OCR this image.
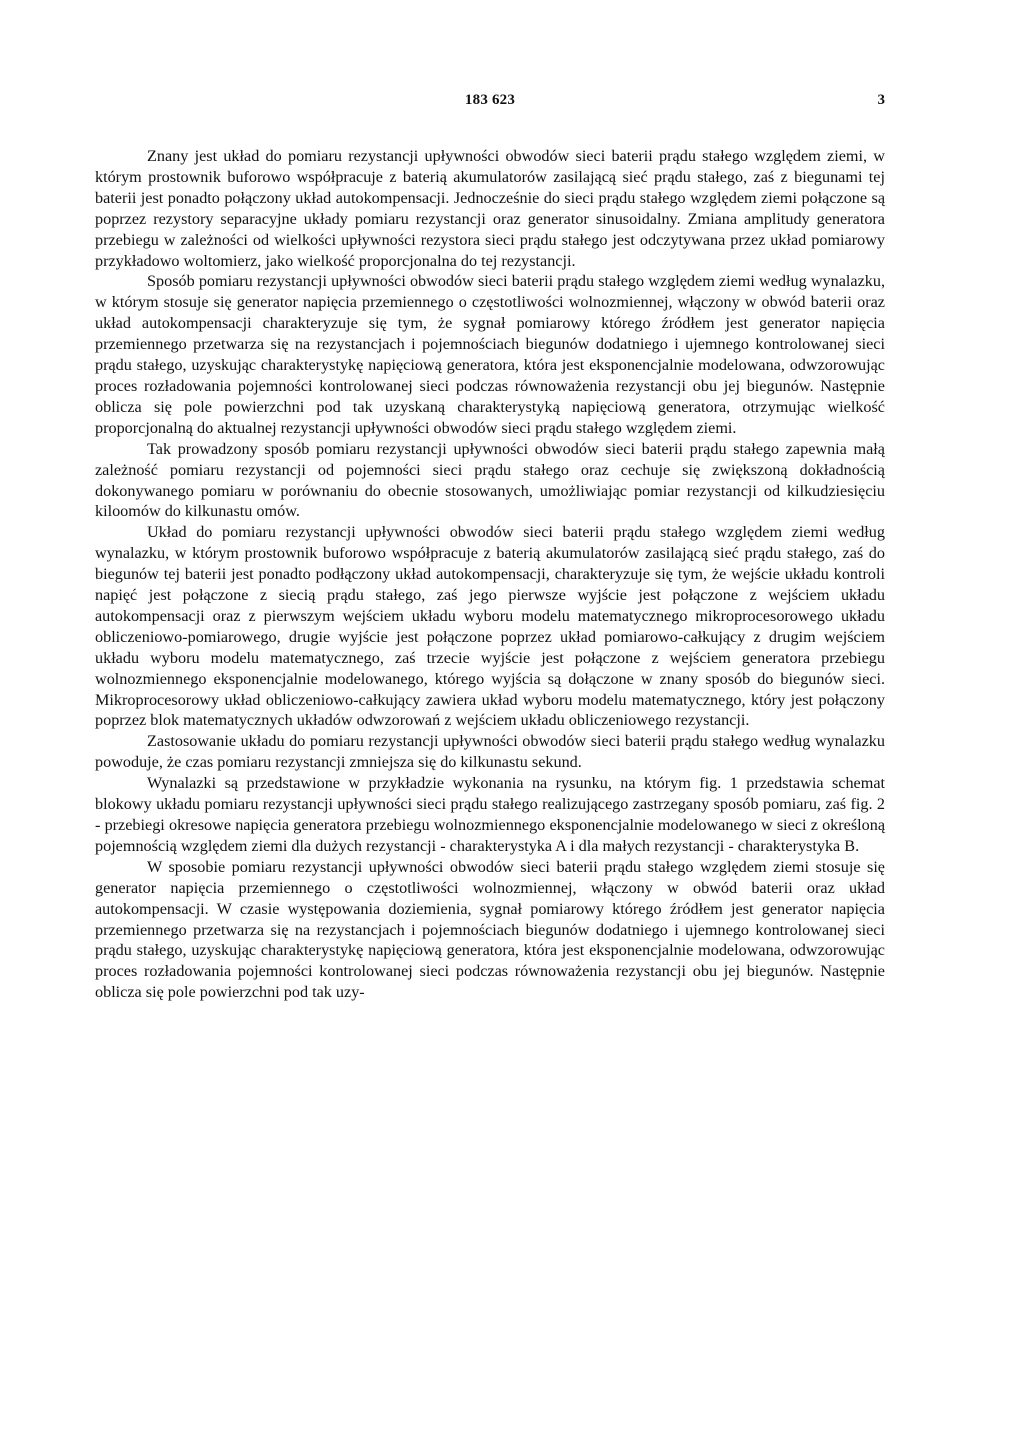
183 623	3

Znany jest układ do pomiaru rezystancji upływności obwodów sieci baterii prądu stałego względem ziemi, w którym prostownik buforowo współpracuje z baterią akumulatorów zasilającą sieć prądu stałego, zaś z biegunami tej baterii jest ponadto połączony układ autokompensacji. Jednocześnie do sieci prądu stałego względem ziemi połączone są poprzez rezystory separacyjne układy pomiaru rezystancji oraz generator sinusoidalny. Zmiana amplitudy generatora przebiegu w zależności od wielkości upływności rezystora sieci prądu stałego jest odczytywana przez układ pomiarowy przykładowo woltomierz, jako wielkość proporcjonalna do tej rezystancji.

Sposób pomiaru rezystancji upływności obwodów sieci baterii prądu stałego względem ziemi według wynalazku, w którym stosuje się generator napięcia przemiennego o częstotliwości wolnozmiennej, włączony w obwód baterii oraz układ autokompensacji charakteryzuje się tym, że sygnał pomiarowy którego źródłem jest generator napięcia przemiennego przetwarza się na rezystancjach i pojemnościach biegunów dodatniego i ujemnego kontrolowanej sieci prądu stałego, uzyskując charakterystykę napięciową generatora, która jest eksponencjalnie modelowana, odwzorowując proces rozładowania pojemności kontrolowanej sieci podczas równoważenia rezystancji obu jej biegunów. Następnie oblicza się pole powierzchni pod tak uzyskaną charakterystyką napięciową generatora, otrzymując wielkość proporcjonalną do aktualnej rezystancji upływności obwodów sieci prądu stałego względem ziemi.

Tak prowadzony sposób pomiaru rezystancji upływności obwodów sieci baterii prądu stałego zapewnia małą zależność pomiaru rezystancji od pojemności sieci prądu stałego oraz cechuje się zwiększoną dokładnością dokonywanego pomiaru w porównaniu do obecnie stosowanych, umożliwiając pomiar rezystancji od kilkudziesięciu kiloomów do kilkunastu omów.

Układ do pomiaru rezystancji upływności obwodów sieci baterii prądu stałego względem ziemi według wynalazku, w którym prostownik buforowo współpracuje z baterią akumulatorów zasilającą sieć prądu stałego, zaś do biegunów tej baterii jest ponadto podłączony układ autokompensacji, charakteryzuje się tym, że wejście układu kontroli napięć jest połączone z siecią prądu stałego, zaś jego pierwsze wyjście jest połączone z wejściem układu autokompensacji oraz z pierwszym wejściem układu wyboru modelu matematycznego mikroprocesorowego układu obliczeniowo-pomiarowego, drugie wyjście jest połączone poprzez układ pomiarowo-całkujący z drugim wejściem układu wyboru modelu matematycznego, zaś trzecie wyjście jest połączone z wejściem generatora przebiegu wolnozmiennego eksponencjalnie modelowanego, którego wyjścia są dołączone w znany sposób do biegunów sieci. Mikroprocesorowy układ obliczeniowo-całkujący zawiera układ wyboru modelu matematycznego, który jest połączony poprzez blok matematycznych układów odwzorowań z wejściem układu obliczeniowego rezystancji.

Zastosowanie układu do pomiaru rezystancji upływności obwodów sieci baterii prądu stałego według wynalazku powoduje, że czas pomiaru rezystancji zmniejsza się do kilkunastu sekund.

Wynalazki są przedstawione w przykładzie wykonania na rysunku, na którym fig. 1 przedstawia schemat blokowy układu pomiaru rezystancji upływności sieci prądu stałego realizującego zastrzegany sposób pomiaru, zaś fig. 2 - przebiegi okresowe napięcia generatora przebiegu wolnozmiennego eksponencjalnie modelowanego w sieci z określoną pojemnością względem ziemi dla dużych rezystancji - charakterystyka A i dla małych rezystancji - charakterystyka B.

W sposobie pomiaru rezystancji upływności obwodów sieci baterii prądu stałego względem ziemi stosuje się generator napięcia przemiennego o częstotliwości wolnozmiennej, włączony w obwód baterii oraz układ autokompensacji. W czasie występowania doziemienia, sygnał pomiarowy którego źródłem jest generator napięcia przemiennego przetwarza się na rezystancjach i pojemnościach biegunów dodatniego i ujemnego kontrolowanej sieci prądu stałego, uzyskując charakterystykę napięciową generatora, która jest eksponencjalnie modelowana, odwzorowując proces rozładowania pojemności kontrolowanej sieci podczas równoważenia rezystancji obu jej biegunów. Następnie oblicza się pole powierzchni pod tak uzy-
